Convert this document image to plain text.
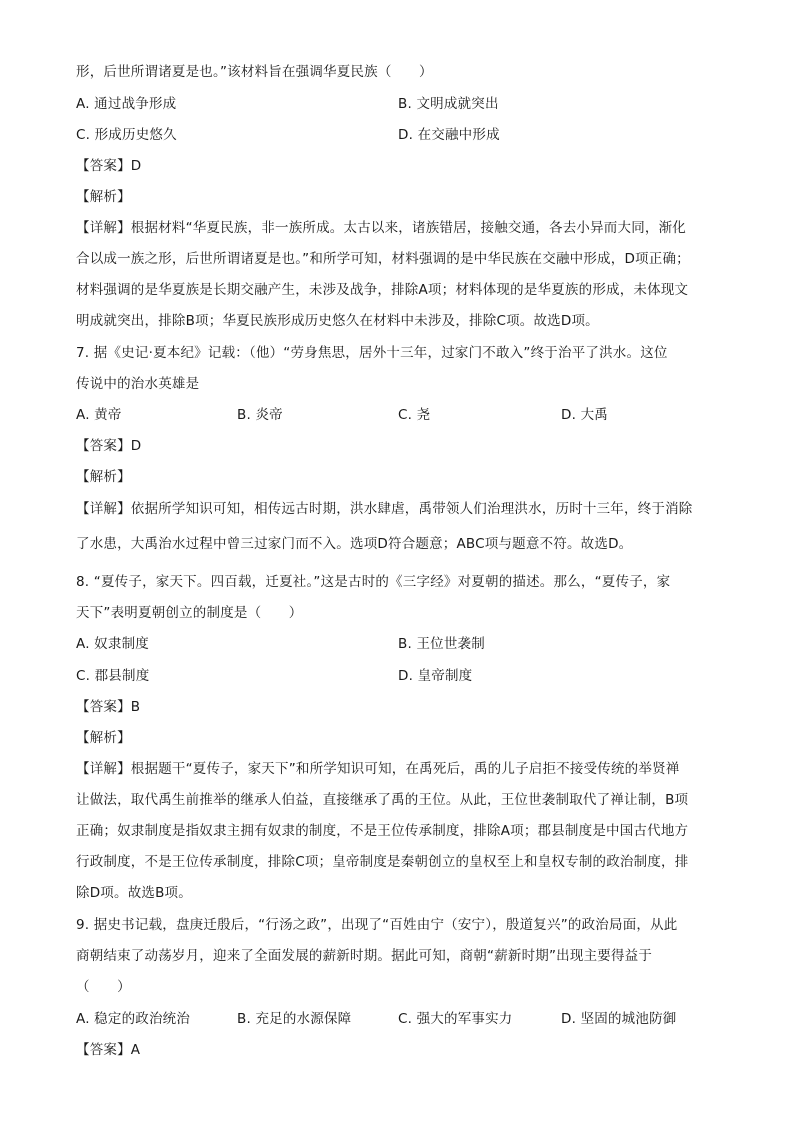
形，后世所谓诸夏是也。”该材料旨在强调华夏民族（　　）
A. 通过战争形成	B. 文明成就突出
C. 形成历史悠久	D. 在交融中形成
【答案】D
【解析】
【详解】根据材料“华夏民族，非一族所成。太古以来，诸族错居，接触交通，各去小异而大同，渐化
合以成一族之形，后世所谓诸夏是也。”和所学可知，材料强调的是中华民族在交融中形成，D项正确；
材料强调的是华夏族是长期交融产生，未涉及战争，排除A项；材料体现的是华夏族的形成，未体现文
明成就突出，排除B项；华夏民族形成历史悠久在材料中未涉及，排除C项。故选D项。
7. 据《史记·夏本纪》记载：（他）“劳身焦思，居外十三年，过家门不敢入”终于治平了洪水。这位
传说中的治水英雄是
A. 黄帝	B. 炎帝	C. 尧	D. 大禹
【答案】D
【解析】
【详解】依据所学知识可知，相传远古时期，洪水肆虐，禹带领人们治理洪水，历时十三年，终于消除
了水患，大禹治水过程中曾三过家门而不入。选项D符合题意；ABC项与题意不符。故选D。
8. “夏传子，家天下。四百载，迁夏社。”这是古时的《三字经》对夏朝的描述。那么，“夏传子，家
天下”表明夏朝创立的制度是（　　）
A. 奴隶制度	B. 王位世袭制
C. 郡县制度	D. 皇帝制度
【答案】B
【解析】
【详解】根据题干“夏传子，家天下”和所学知识可知，在禹死后，禹的儿子启拒不接受传统的举贤禅
让做法，取代禹生前推举的继承人伯益，直接继承了禹的王位。从此，王位世袭制取代了禅让制，B项
正确；奴隶制度是指奴隶主拥有奴隶的制度，不是王位传承制度，排除A项；郡县制度是中国古代地方
行政制度，不是王位传承制度，排除C项；皇帝制度是秦朝创立的皇权至上和皇权专制的政治制度，排
除D项。故选B项。
9. 据史书记载，盘庚迁殷后，“行汤之政”，出现了“百姓由宁（安宁），殷道复兴”的政治局面，从此
商朝结束了动荡岁月，迎来了全面发展的薪新时期。据此可知，商朝“薪新时期”出现主要得益于
（　　）
A. 稳定的政治统治	B. 充足的水源保障	C. 强大的军事实力	D. 坚固的城池防御
【答案】A
